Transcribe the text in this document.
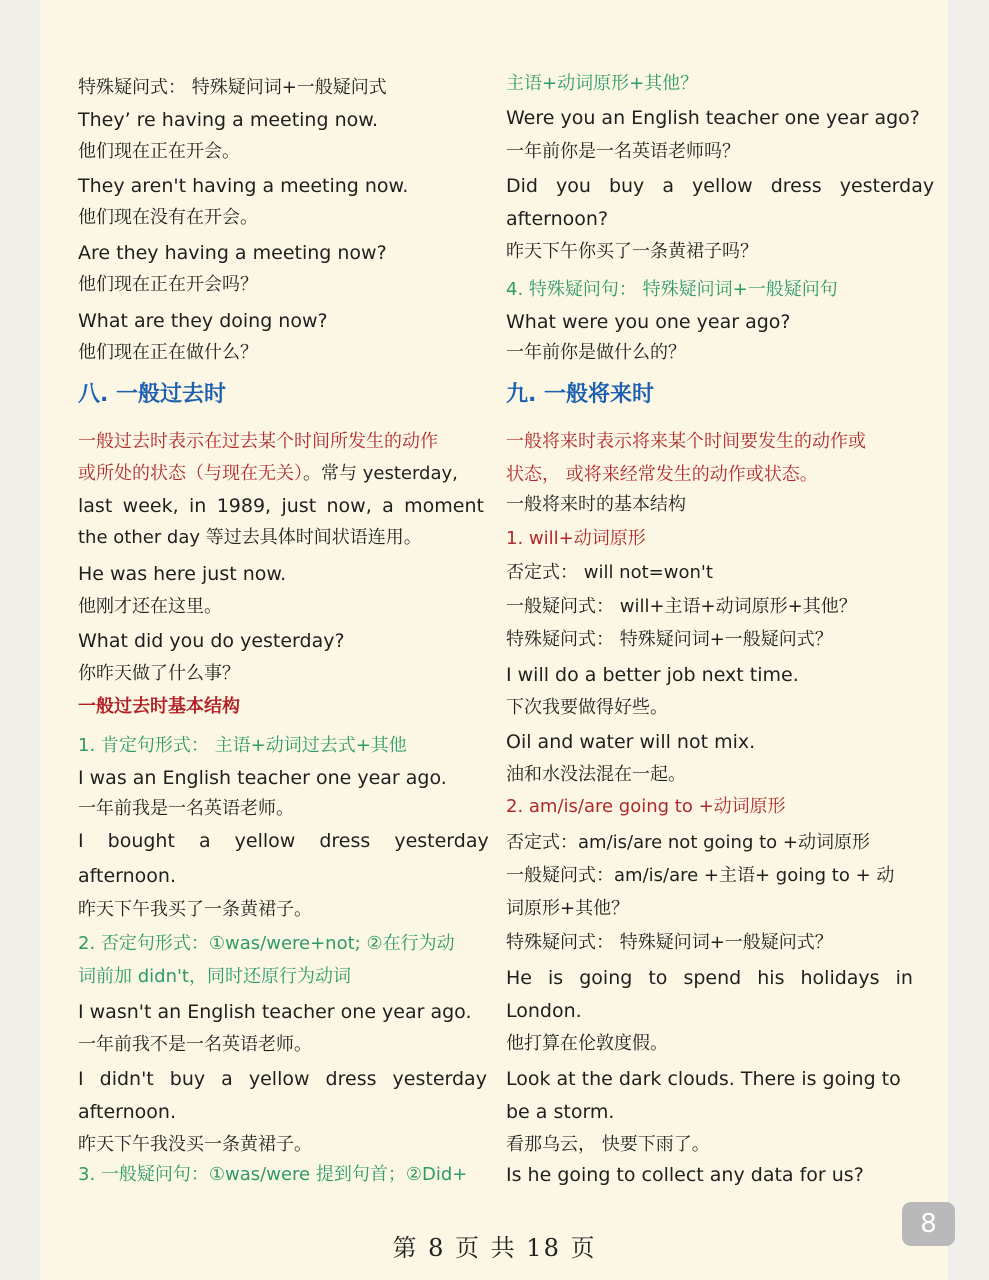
特殊疑问式： 特殊疑问词+一般疑问式
They’ re having a meeting now.
他们现在正在开会。
They aren't having a meeting now.
他们现在没有在开会。
Are they having a meeting now?
他们现在正在开会吗？
What are they doing now?
他们现在正在做什么？
八. 一般过去时
一般过去时表示在过去某个时间所发生的动作
或所处的状态（与现在无关）。常与 yesterday,
last week, in 1989, just now, a moment
the other day 等过去具体时间状语连用。
He was here just now.
他刚才还在这里。
What did you do yesterday?
你昨天做了什么事？
一般过去时基本结构
1. 肯定句形式： 主语+动词过去式+其他
I was an English teacher one year ago.
一年前我是一名英语老师。
I bought a yellow dress yesterday
afternoon.
昨天下午我买了一条黄裙子。
2. 否定句形式：①was/were+not; ②在行为动
词前加 didn't，同时还原行为动词
I wasn't an English teacher one year ago.
一年前我不是一名英语老师。
I didn't buy a yellow dress yesterday
afternoon.
昨天下午我没买一条黄裙子。
3. 一般疑问句：①was/were 提到句首；②Did+
主语+动词原形+其他？
Were you an English teacher one year ago?
一年前你是一名英语老师吗？
Did you buy a yellow dress yesterday
afternoon?
昨天下午你买了一条黄裙子吗？
4. 特殊疑问句： 特殊疑问词+一般疑问句
What were you one year ago?
一年前你是做什么的？
九. 一般将来时
一般将来时表示将来某个时间要发生的动作或
状态， 或将来经常发生的动作或状态。
一般将来时的基本结构
1. will+动词原形
否定式： will not=won't
一般疑问式： will+主语+动词原形+其他？
特殊疑问式： 特殊疑问词+一般疑问式？
I will do a better job next time.
下次我要做得好些。
Oil and water will not mix.
油和水没法混在一起。
2. am/is/are going to +动词原形
否定式：am/is/are not going to +动词原形
一般疑问式：am/is/are +主语+ going to + 动
词原形+其他？
特殊疑问式： 特殊疑问词+一般疑问式？
He is going to spend his holidays in
London.
他打算在伦敦度假。
Look at the dark clouds. There is going to
be a storm.
看那乌云， 快要下雨了。
Is he going to collect any data for us?
第 8 页 共 18 页
8
